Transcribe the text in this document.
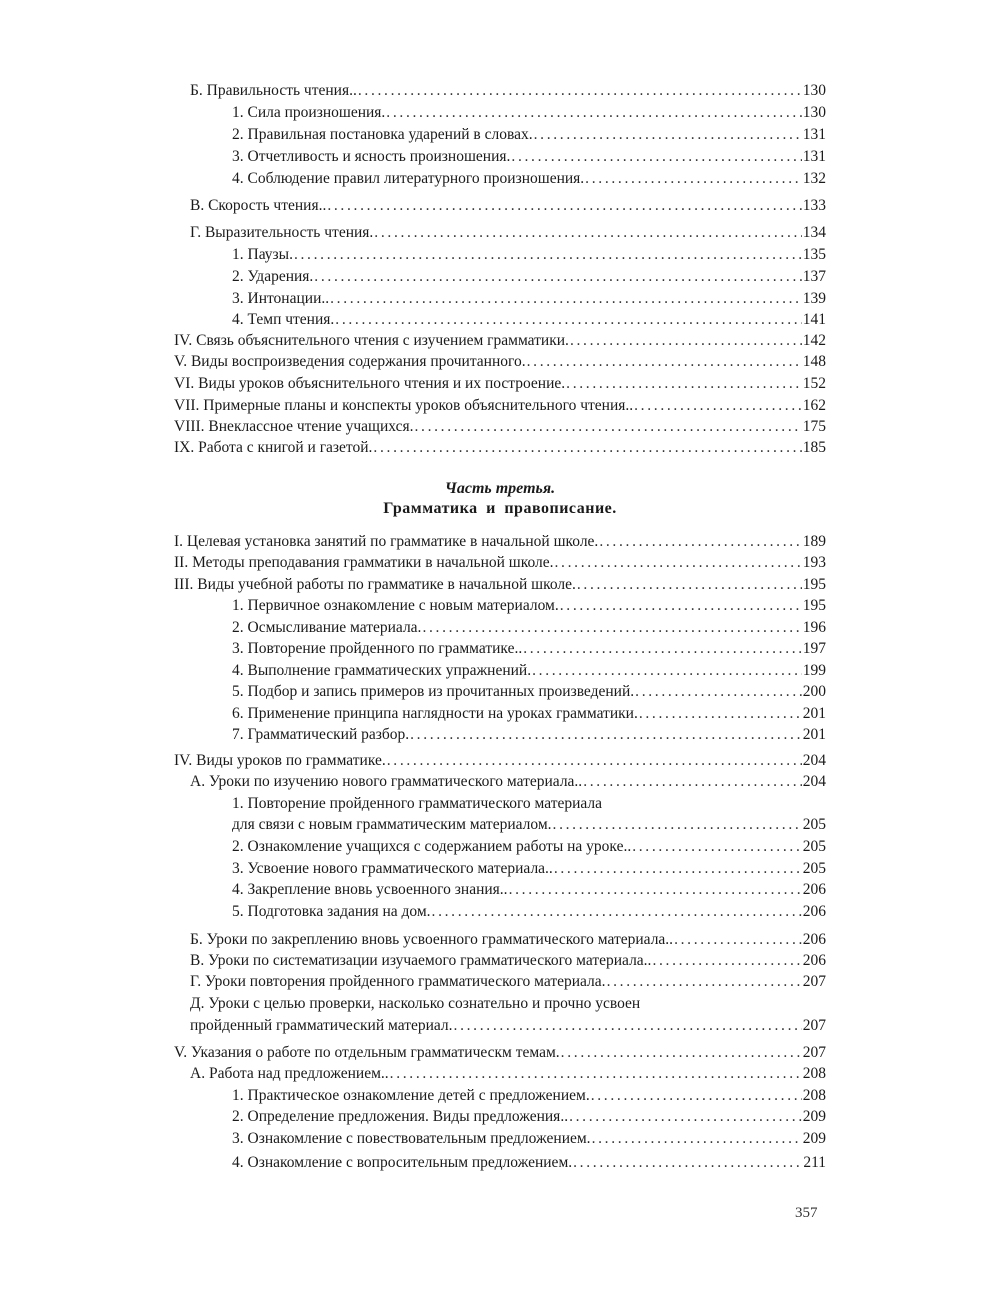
Б. Правильность чтения.. . . .	130
1. Сила произношения. . . .	130
2. Правильная постановка ударений в словах. . . .	131
3. Отчетливость и ясность произношения. . . .	131
4. Соблюдение правил литературного произношения. . . .	132
В. Скорость чтения.. . . .	133
Г. Выразительность чтения. . . .	134
1. Паузы. . . .	135
2. Ударения. . . .	137
3. Интонации.. . . .	139
4. Темп чтения. . . .	141
IV. Связь объяснительного чтения с изучением грамматики. . . .	142
V. Виды воспроизведения содержания прочитанного. . . .	148
VI. Виды уроков объяснительного чтения и их построение. . . .	152
VII. Примерные планы и конспекты уроков объяснительного чтения.. . . .	162
VIII. Внеклассное чтение учащихся. . . .	175
IX. Работа с книгой и газетой. . . .	185
Часть третья.
Грамматика и правописание.
I. Целевая установка занятий по грамматике в начальной школе. . . .	189
II. Методы преподавания грамматики в начальной школе. . . .	193
III. Виды учебной работы по грамматике в начальной школе. . . .	195
1. Первичное ознакомление с новым материалом. . . .	195
2. Осмысливание материала. . . .	196
3. Повторение пройденного по грамматике.. . . .	197
4. Выполнение грамматических упражнений. . . .	199
5. Подбор и запись примеров из прочитанных произведений. . . .	200
6. Применение принципа наглядности на уроках грамматики. . . .	201
7. Грамматический разбор. . . .	201
IV. Виды уроков по грамматике. . . .	204
А. Уроки по изучению нового грамматического материала.. . . .	204
1. Повторение пройденного грамматического материала
для связи с новым грамматическим материалом. . . .	205
2. Ознакомление учащихся с содержанием работы на уроке.. . . .	205
3. Усвоение нового грамматического материала.. . . .	205
4. Закрепление вновь усвоенного знания.. . . .	206
5. Подготовка задания на дом. . . .	206
Б. Уроки по закреплению вновь усвоенного грамматического материала.. . . .	206
В. Уроки по систематизации изучаемого грамматического материала.. . . .	206
Г. Уроки повторения пройденного грамматического материала. . . .	207
Д. Уроки с целью проверки, насколько сознательно и прочно усвоен
пройденный грамматический материал. . . .	207
V. Указания о работе по отдельным грамматическм темам. . . .	207
А. Работа над предложением.. . . .	208
1. Практическое ознакомление детей с предложением. . . .	208
2. Определение предложения. Виды предложения.. . . .	209
3. Ознакомление с повествовательным предложением. . . .	209
4. Ознакомление с вопросительным предложением. . . .	211
357
